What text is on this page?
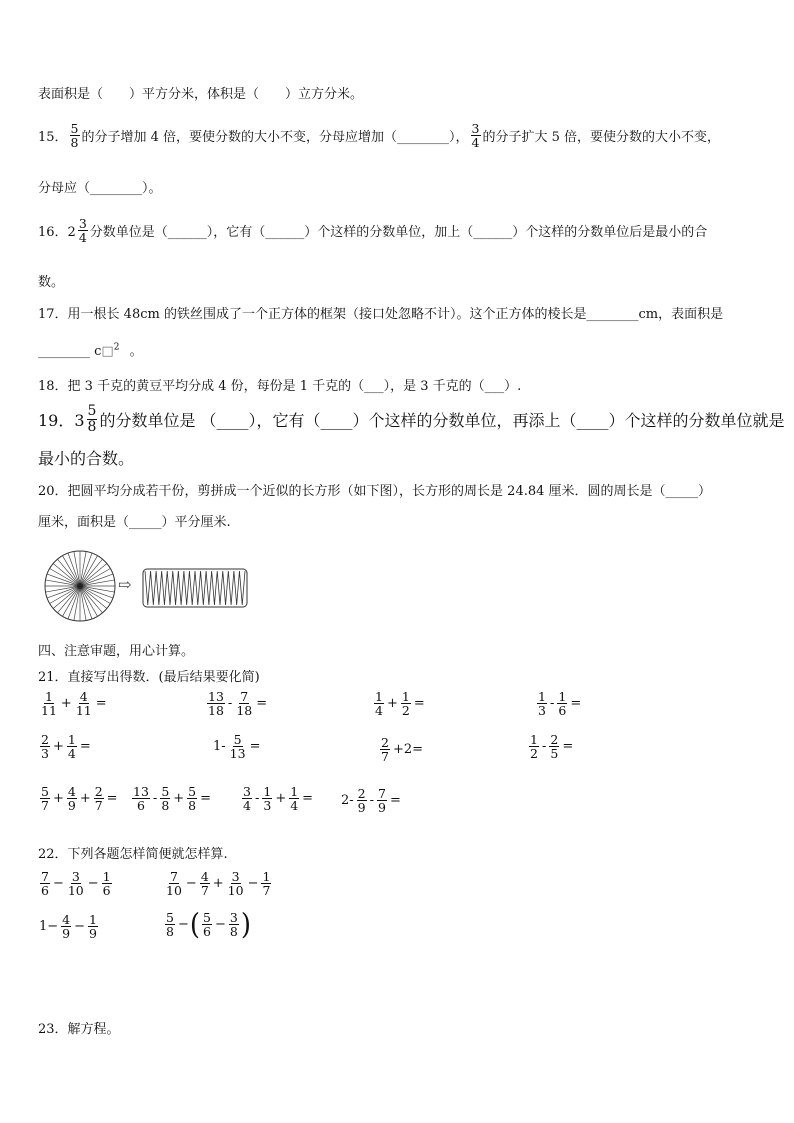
表面积是（　　）平方分米，体积是（　　）立方分米。
15． $\frac{5}{8}$ 的分子增加 4 倍，要使分数的大小不变，分母应增加（________）， $\frac{3}{4}$ 的分子扩大 5 倍，要使分数的大小不变，
分母应（________）。
16．$2 \frac{3}{4}$ 分数单位是（______），它有（______）个这样的分数单位，加上（______）个这样的分数单位后是最小的合
数。
17．用一根长 48cm 的铁丝围成了一个正方体的框架（接口处忽略不计）。这个正方体的棱长是________cm，表面积是
________ c□$^2$ 。
18．把 3 千克的黄豆平均分成 4 份，每份是 1 千克的（___），是 3 千克的（___）.
19．$3 \frac{5}{8}$ 的分数单位是 （____），它有（____）个这样的分数单位，再添上（____）个这样的分数单位就是
最小的合数。
20．把圆平均分成若干份，剪拼成一个近似的长方形（如下图），长方形的周长是 24.84 厘米．圆的周长是（_____）
厘米，面积是（_____）平分厘米.
⇨
四、注意审题，用心计算。
21．直接写出得数．(最后结果要化简)
$\frac{1}{11} + \frac{4}{11}$ =	$\frac{13}{18} - \frac{7}{18}$ =	$\frac{1}{4} + \frac{1}{2}$ =	$\frac{1}{3} - \frac{1}{6}$ =
$\frac{2}{3} + \frac{1}{4}$ =	$1- \frac{5}{13}$ =	$\frac{2}{7} +2=$	$\frac{1}{2} - \frac{2}{5}$ =
$\frac{5}{7} + \frac{4}{9} + \frac{2}{7} = \frac{13}{6} - \frac{5}{8} + \frac{5}{8} = \frac{3}{4} - \frac{1}{3} + \frac{1}{4} = 2- \frac{2}{9} - \frac{7}{9}$ =
22．下列各题怎样简便就怎样算.
$\frac{7}{6} - \frac{3}{10} - \frac{1}{6}$	$\frac{7}{10} - \frac{4}{7} + \frac{3}{10} - \frac{1}{7}$
$1- \frac{4}{9} - \frac{1}{9}$	$\frac{5}{8}$ − ( $\frac{5}{6} - \frac{3}{8}$ )
23．解方程。
